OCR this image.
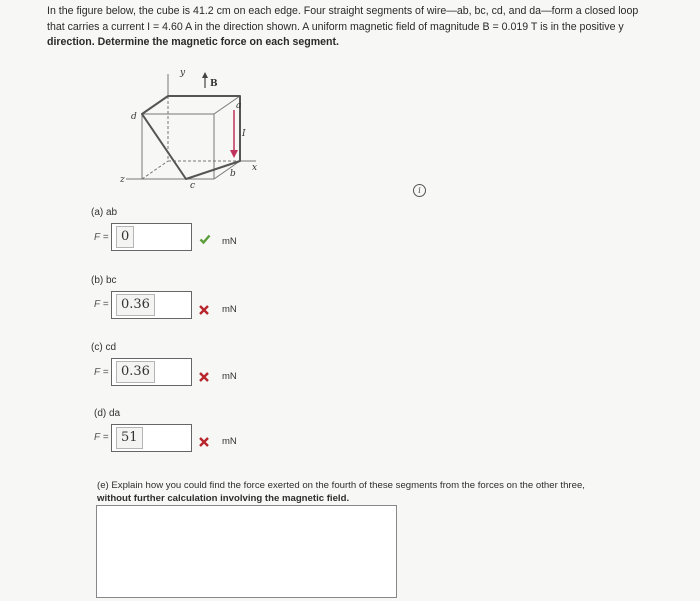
In the figure below, the cube is 41.2 cm on each edge. Four straight segments of wire—ab, bc, cd, and da—form a closed loop

that carries a current I = 4.60 A in the direction shown. A uniform magnetic field of magnitude B = 0.019 T is in the positive y

direction. Determine the magnetic force on each segment.

y
B
a
I
d
x
z
c
b
i
(a) ab
F = 0	mN
(b) bc
F = 0.36	mN
(c) cd
F = 0.36	mN
(d) da
F = 51	mN
(e) Explain how you could find the force exerted on the fourth of these segments from the forces on the other three,
without further calculation involving the magnetic field.
